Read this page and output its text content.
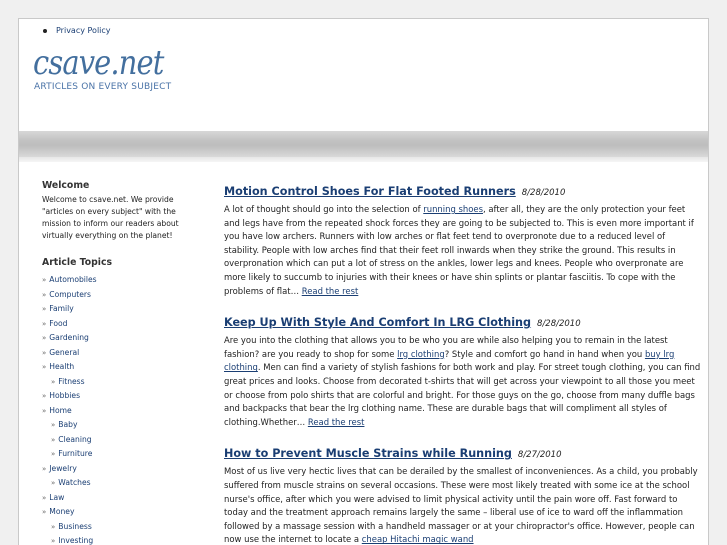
Privacy Policy
csave.net
ARTICLES ON EVERY SUBJECT
Welcome
Welcome to csave.net. We provide "articles on every subject" with the mission to inform our readers about virtually everything on the planet!
Article Topics
» Automobiles
» Computers
» Family
» Food
» Gardening
» General
» Health
» Fitness
» Hobbies
» Home
» Baby
» Cleaning
» Furniture
» Jewelry
» Watches
» Law
» Money
» Business
» Investing
Motion Control Shoes For Flat Footed Runners 8/28/2010

A lot of thought should go into the selection of running shoes, after all, they are the only protection your feet and legs have from the repeated shock forces they are going to be subjected to. This is even more important if you have low archers. Runners with low arches or flat feet tend to overpronote due to a reduced level of stability. People with low arches find that their feet roll inwards when they strike the ground. This results in overpronation which can put a lot of stress on the ankles, lower legs and knees. People who overpronate are more likely to succumb to injuries with their knees or have shin splints or plantar fasciitis. To cope with the problems of flat… Read the rest

Keep Up With Style And Comfort In LRG Clothing 8/28/2010

Are you into the clothing that allows you to be who you are while also helping you to remain in the latest fashion? are you ready to shop for some lrg clothing? Style and comfort go hand in hand when you buy lrg clothing. Men can find a variety of stylish fashions for both work and play. For street tough clothing, you can find great prices and looks. Choose from decorated t-shirts that will get across your viewpoint to all those you meet or choose from polo shirts that are colorful and bright. For those guys on the go, choose from many duffle bags and backpacks that bear the lrg clothing name. These are durable bags that will compliment all styles of clothing.Whether… Read the rest

How to Prevent Muscle Strains while Running 8/27/2010

Most of us live very hectic lives that can be derailed by the smallest of inconveniences. As a child, you probably suffered from muscle strains on several occasions. These were most likely treated with some ice at the school nurse's office, after which you were advised to limit physical activity until the pain wore off. Fast forward to today and the treatment approach remains largely the same – liberal use of ice to ward off the inflammation followed by a massage session with a handheld massager or at your chiropractor's office. However, people can now use the internet to locate a cheap Hitachi magic wand
